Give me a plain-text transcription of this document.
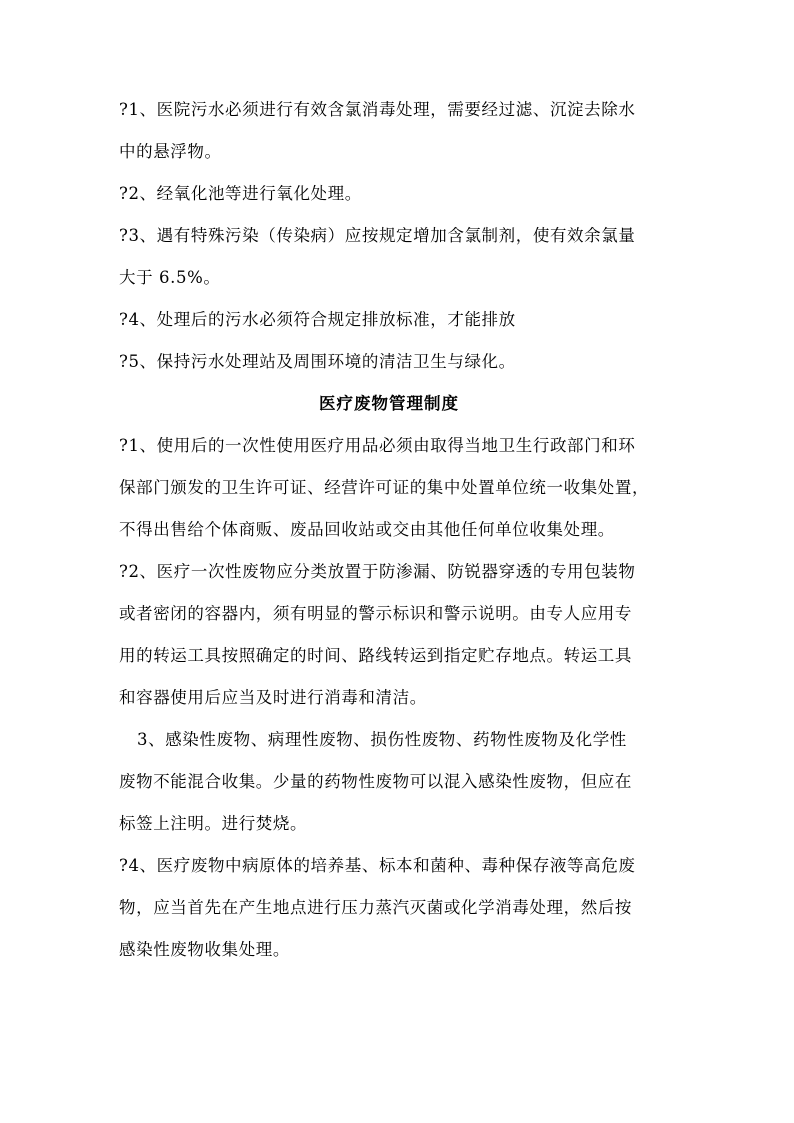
?1、医院污水必须进行有效含氯消毒处理，需要经过滤、沉淀去除水
中的悬浮物。
?2、经氧化池等进行氧化处理。
?3、遇有特殊污染（传染病）应按规定增加含氯制剂，使有效余氯量
大于 6.5%。
?4、处理后的污水必须符合规定排放标准，才能排放
?5、保持污水处理站及周围环境的清洁卫生与绿化。
医疗废物管理制度
?1、使用后的一次性使用医疗用品必须由取得当地卫生行政部门和环
保部门颁发的卫生许可证、经营许可证的集中处置单位统一收集处置，
不得出售给个体商贩、废品回收站或交由其他任何单位收集处理。
?2、医疗一次性废物应分类放置于防渗漏、防锐器穿透的专用包装物
或者密闭的容器内，须有明显的警示标识和警示说明。由专人应用专
用的转运工具按照确定的时间、路线转运到指定贮存地点。转运工具
和容器使用后应当及时进行消毒和清洁。
3、感染性废物、病理性废物、损伤性废物、药物性废物及化学性
废物不能混合收集。少量的药物性废物可以混入感染性废物，但应在
标签上注明。进行焚烧。
?4、医疗废物中病原体的培养基、标本和菌种、毒种保存液等高危废
物，应当首先在产生地点进行压力蒸汽灭菌或化学消毒处理，然后按
感染性废物收集处理。
